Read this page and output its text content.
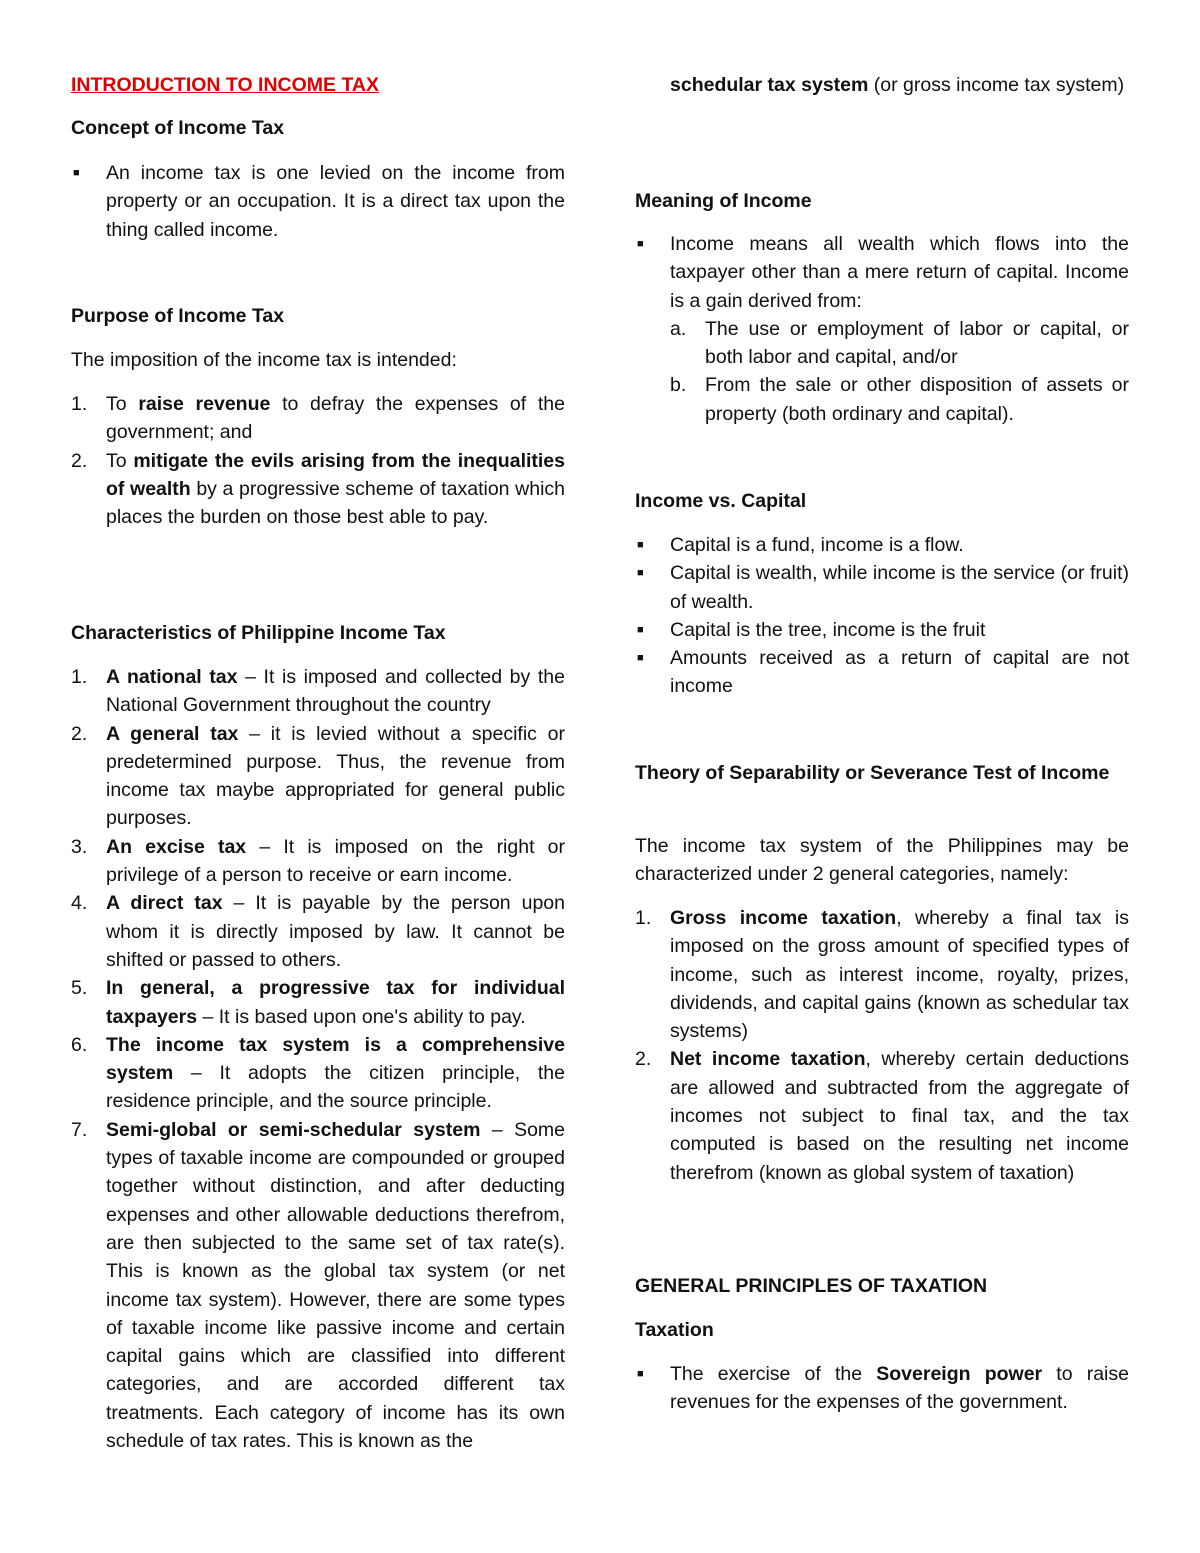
INTRODUCTION TO INCOME TAX

Concept of Income Tax

■ An income tax is one levied on the income from property or an occupation. It is a direct tax upon the thing called income.

Purpose of Income Tax

The imposition of the income tax is intended:

1. To raise revenue to defray the expenses of the government; and
2. To mitigate the evils arising from the inequalities of wealth by a progressive scheme of taxation which places the burden on those best able to pay.

Characteristics of Philippine Income Tax

1. A national tax – It is imposed and collected by the National Government throughout the country
2. A general tax – it is levied without a specific or predetermined purpose. Thus, the revenue from income tax maybe appropriated for general public purposes.
3. An excise tax – It is imposed on the right or privilege of a person to receive or earn income.
4. A direct tax – It is payable by the person upon whom it is directly imposed by law. It cannot be shifted or passed to others.
5. In general, a progressive tax for individual taxpayers – It is based upon one's ability to pay.
6. The income tax system is a comprehensive system – It adopts the citizen principle, the residence principle, and the source principle.
7. Semi-global or semi-schedular system – Some types of taxable income are compounded or grouped together without distinction, and after deducting expenses and other allowable deductions therefrom, are then subjected to the same set of tax rate(s). This is known as the global tax system (or net income tax system). However, there are some types of taxable income like passive income and certain capital gains which are classified into different categories, and are accorded different tax treatments. Each category of income has its own schedule of tax rates. This is known as the

schedular tax system (or gross income tax system)

Meaning of Income

■ Income means all wealth which flows into the taxpayer other than a mere return of capital. Income is a gain derived from:
a. The use or employment of labor or capital, or both labor and capital, and/or
b. From the sale or other disposition of assets or property (both ordinary and capital).

Income vs. Capital

■ Capital is a fund, income is a flow.
■ Capital is wealth, while income is the service (or fruit) of wealth.
■ Capital is the tree, income is the fruit
■ Amounts received as a return of capital are not income

Theory of Separability or Severance Test of Income

The income tax system of the Philippines may be characterized under 2 general categories, namely:

1. Gross income taxation, whereby a final tax is imposed on the gross amount of specified types of income, such as interest income, royalty, prizes, dividends, and capital gains (known as schedular tax systems)
2. Net income taxation, whereby certain deductions are allowed and subtracted from the aggregate of incomes not subject to final tax, and the tax computed is based on the resulting net income therefrom (known as global system of taxation)

GENERAL PRINCIPLES OF TAXATION

Taxation

■ The exercise of the Sovereign power to raise revenues for the expenses of the government.
